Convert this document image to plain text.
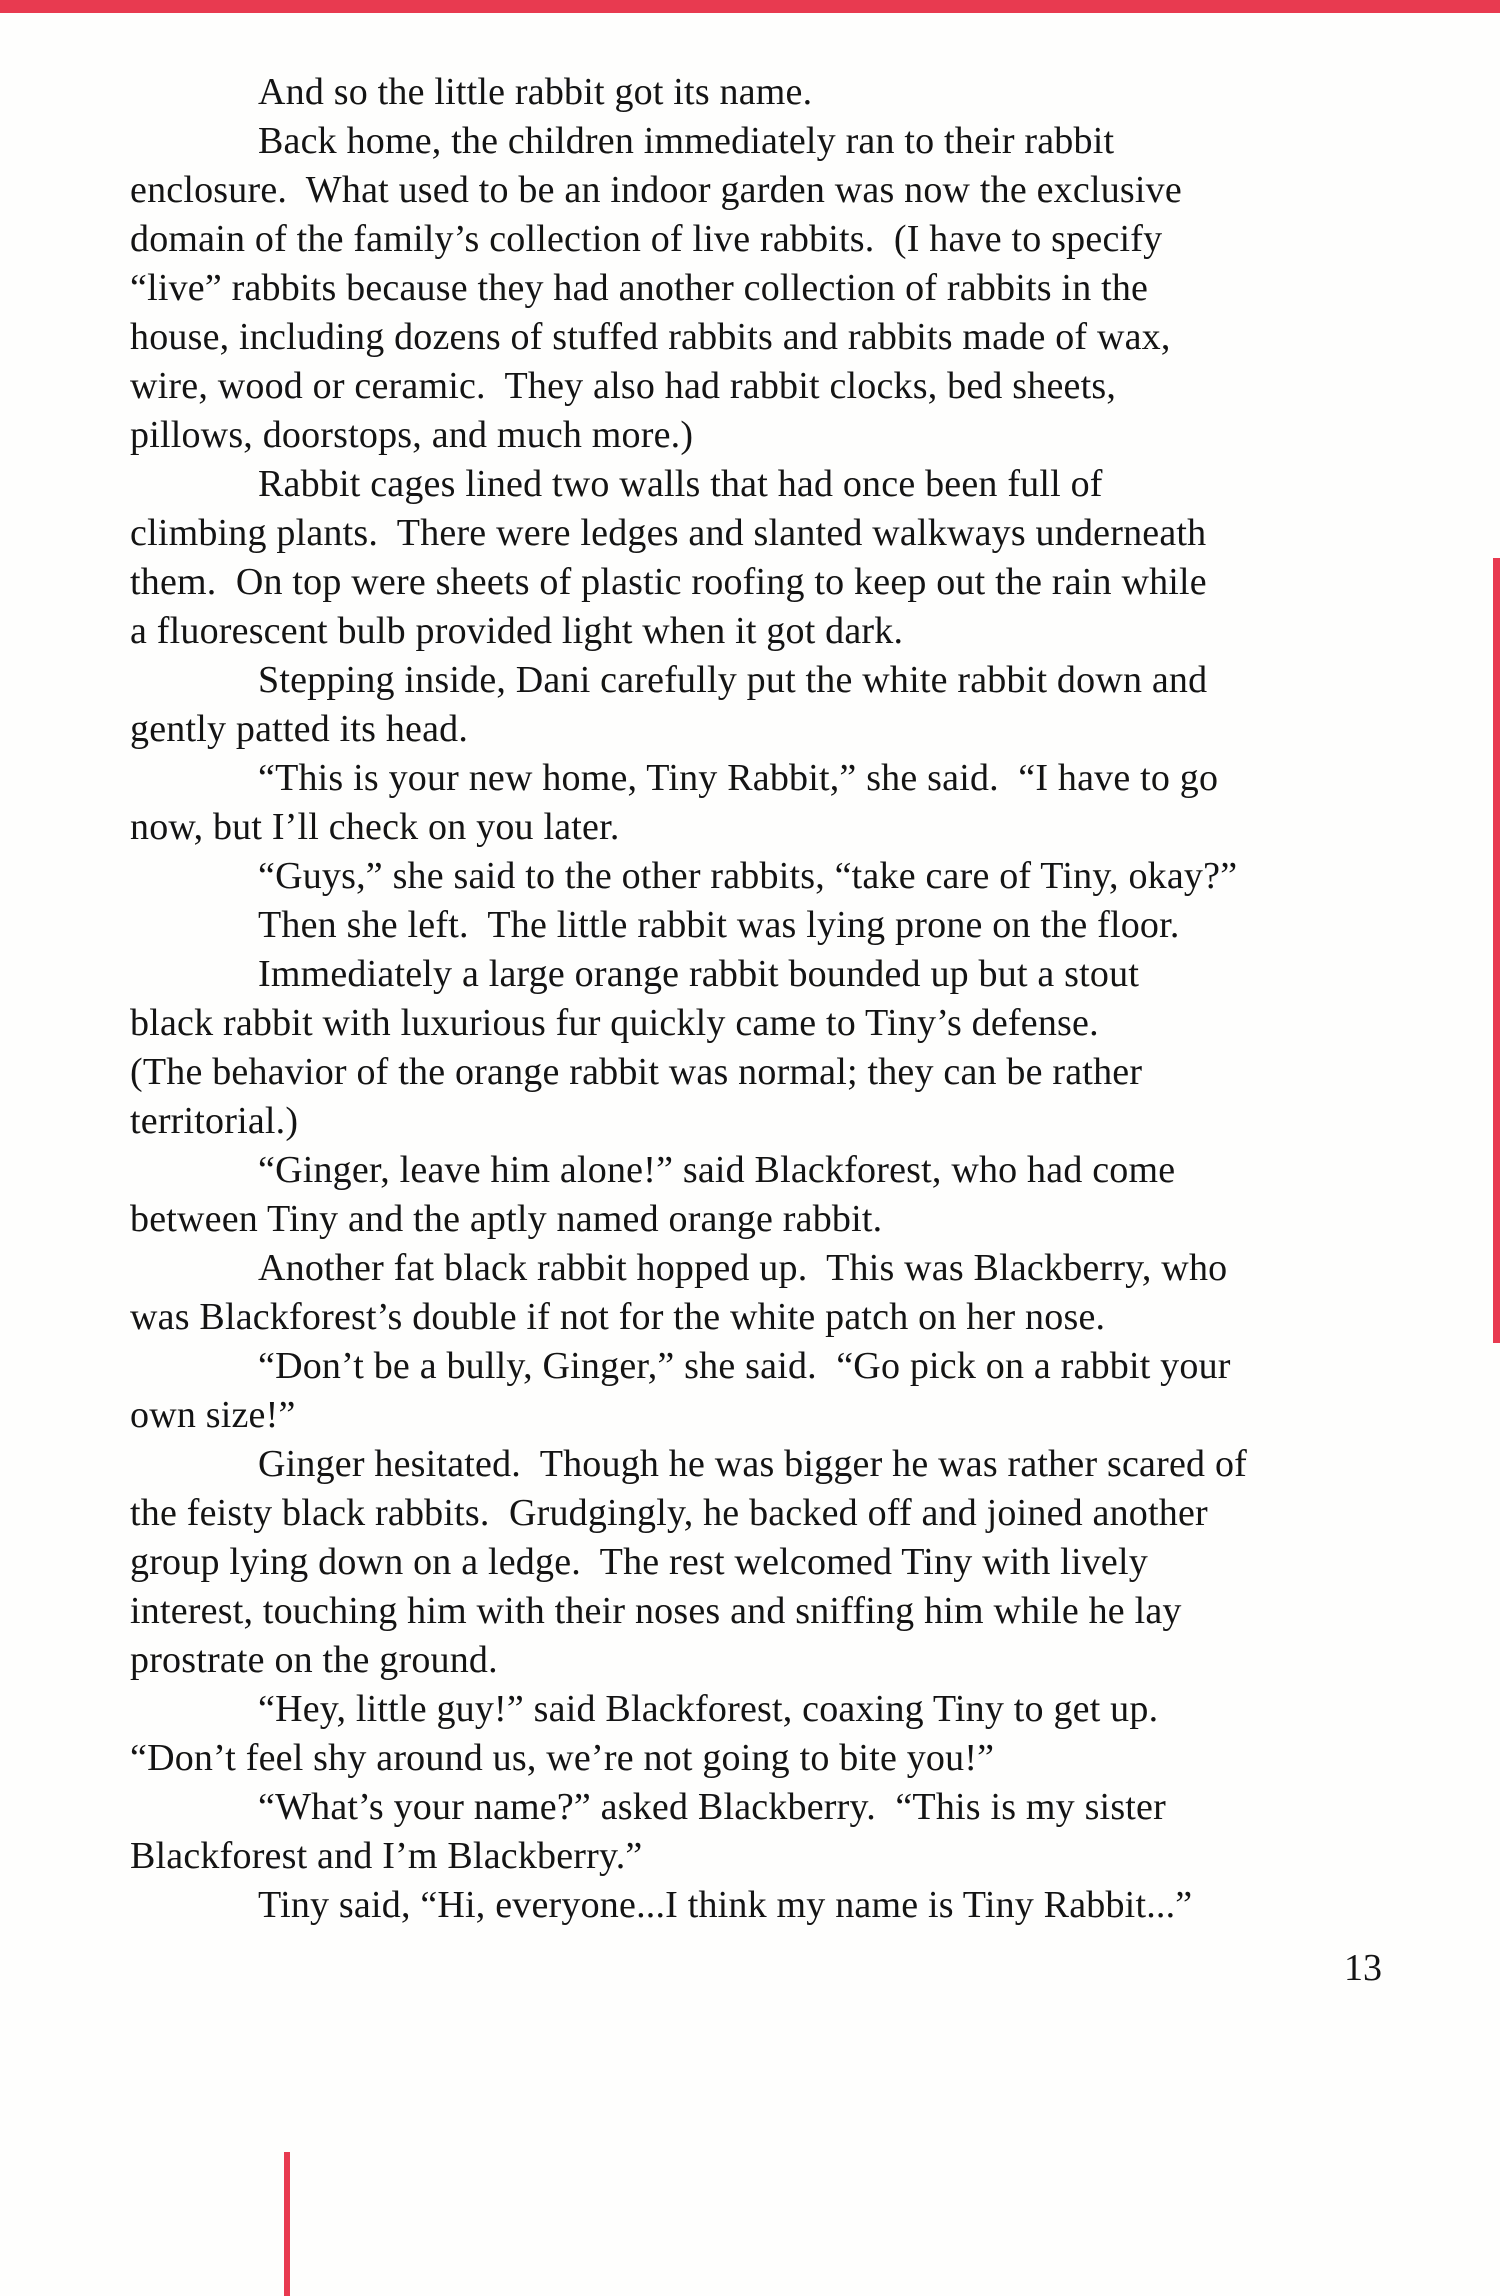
And so the little rabbit got its name.
Back home, the children immediately ran to their rabbit
enclosure.  What used to be an indoor garden was now the exclusive
domain of the family’s collection of live rabbits.  (I have to specify
“live” rabbits because they had another collection of rabbits in the
house, including dozens of stuffed rabbits and rabbits made of wax,
wire, wood or ceramic.  They also had rabbit clocks, bed sheets,
pillows, doorstops, and much more.)
Rabbit cages lined two walls that had once been full of
climbing plants.  There were ledges and slanted walkways underneath
them.  On top were sheets of plastic roofing to keep out the rain while
a fluorescent bulb provided light when it got dark.
Stepping inside, Dani carefully put the white rabbit down and
gently patted its head.
“This is your new home, Tiny Rabbit,” she said.  “I have to go
now, but I’ll check on you later.
“Guys,” she said to the other rabbits, “take care of Tiny, okay?”
Then she left.  The little rabbit was lying prone on the floor.
Immediately a large orange rabbit bounded up but a stout
black rabbit with luxurious fur quickly came to Tiny’s defense.
(The behavior of the orange rabbit was normal; they can be rather
territorial.)
“Ginger, leave him alone!” said Blackforest, who had come
between Tiny and the aptly named orange rabbit.
Another fat black rabbit hopped up.  This was Blackberry, who
was Blackforest’s double if not for the white patch on her nose.
“Don’t be a bully, Ginger,” she said.  “Go pick on a rabbit your
own size!”
Ginger hesitated.  Though he was bigger he was rather scared of
the feisty black rabbits.  Grudgingly, he backed off and joined another
group lying down on a ledge.  The rest welcomed Tiny with lively
interest, touching him with their noses and sniffing him while he lay
prostrate on the ground.
“Hey, little guy!” said Blackforest, coaxing Tiny to get up.
“Don’t feel shy around us, we’re not going to bite you!”
“What’s your name?” asked Blackberry.  “This is my sister
Blackforest and I’m Blackberry.”
Tiny said, “Hi, everyone...I think my name is Tiny Rabbit...”
13
